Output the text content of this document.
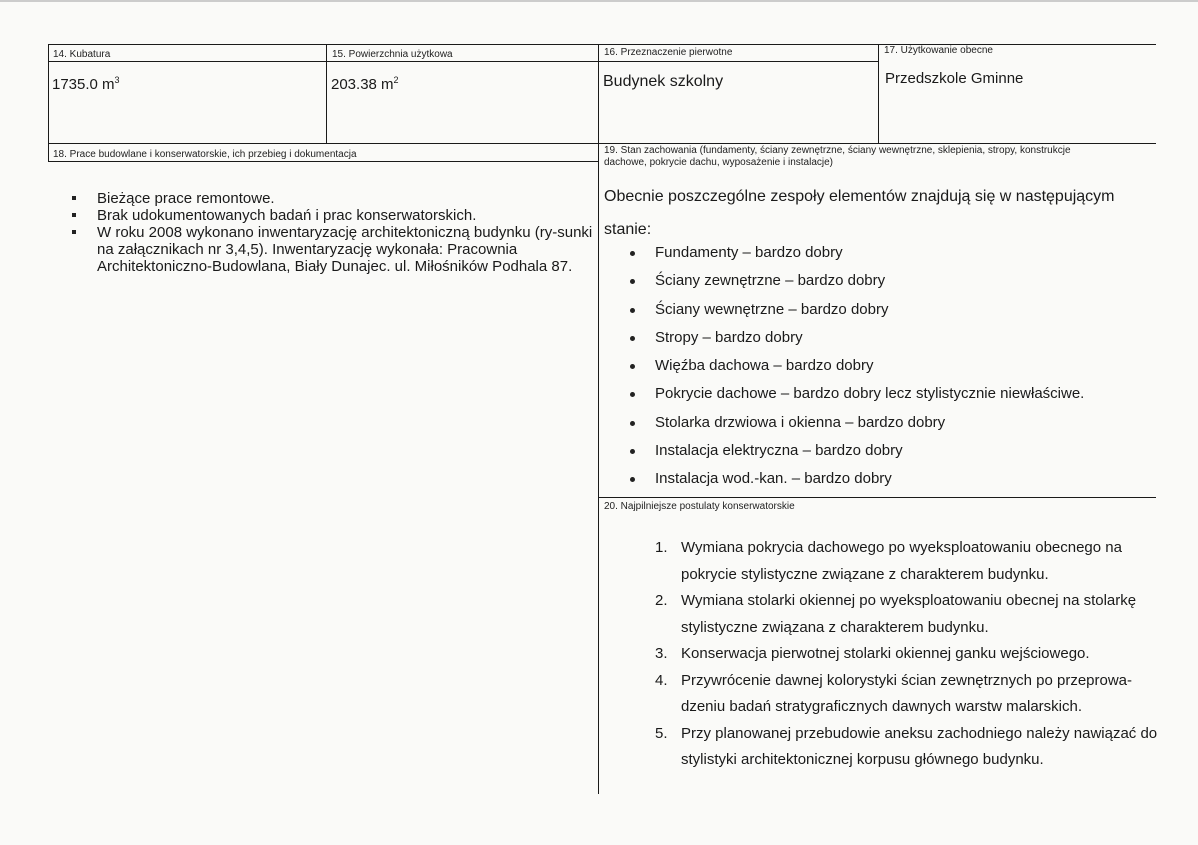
14. Kubatura
1735.0 $m^3$
15. Powierzchnia użytkowa
203.38 $m^2$
16. Przeznaczenie pierwotne
Budynek szkolny
17. Użytkowanie obecne
Przedszkole Gminne
18. Prace budowlane i konserwatorskie, ich przebieg i dokumentacja
Bieżące prace remontowe.
Brak udokumentowanych badań i prac konserwatorskich.
W roku 2008 wykonano inwentaryzację architektoniczną budynku (ry-sunki na załącznikach nr 3,4,5). Inwentaryzację wykonała: Pracownia Architektoniczno-Budowlana, Biały Dunajec. ul. Miłośników Podhala 87.
19. Stan zachowania (fundamenty, ściany zewnętrzne, ściany wewnętrzne, sklepienia, stropy, konstrukcje dachowe, pokrycie dachu, wyposażenie i instalacje)
Obecnie poszczególne zespoły elementów znajdują się w następującym stanie:
Fundamenty – bardzo dobry
Ściany zewnętrzne – bardzo dobry
Ściany wewnętrzne – bardzo dobry
Stropy – bardzo dobry
Więźba dachowa – bardzo dobry
Pokrycie dachowe – bardzo dobry lecz stylistycznie niewłaściwe.
Stolarka drzwiowa i okienna – bardzo dobry
Instalacja elektryczna – bardzo dobry
Instalacja wod.-kan. – bardzo dobry
20. Najpilniejsze postulaty konserwatorskie
1. Wymiana pokrycia dachowego po wyeksploatowaniu obecnego na pokrycie stylistyczne związane z charakterem budynku.
2. Wymiana stolarki okiennej po wyeksploatowaniu obecnej na stolarkę stylistyczne związana z charakterem budynku.
3. Konserwacja pierwotnej stolarki okiennej ganku wejściowego.
4. Przywrócenie dawnej kolorystyki ścian zewnętrznych po przeprowa-dzeniu badań stratygraficznych dawnych warstw malarskich.
5. Przy planowanej przebudowie aneksu zachodniego należy nawiązać do stylistyki architektonicznej korpusu głównego budynku.
